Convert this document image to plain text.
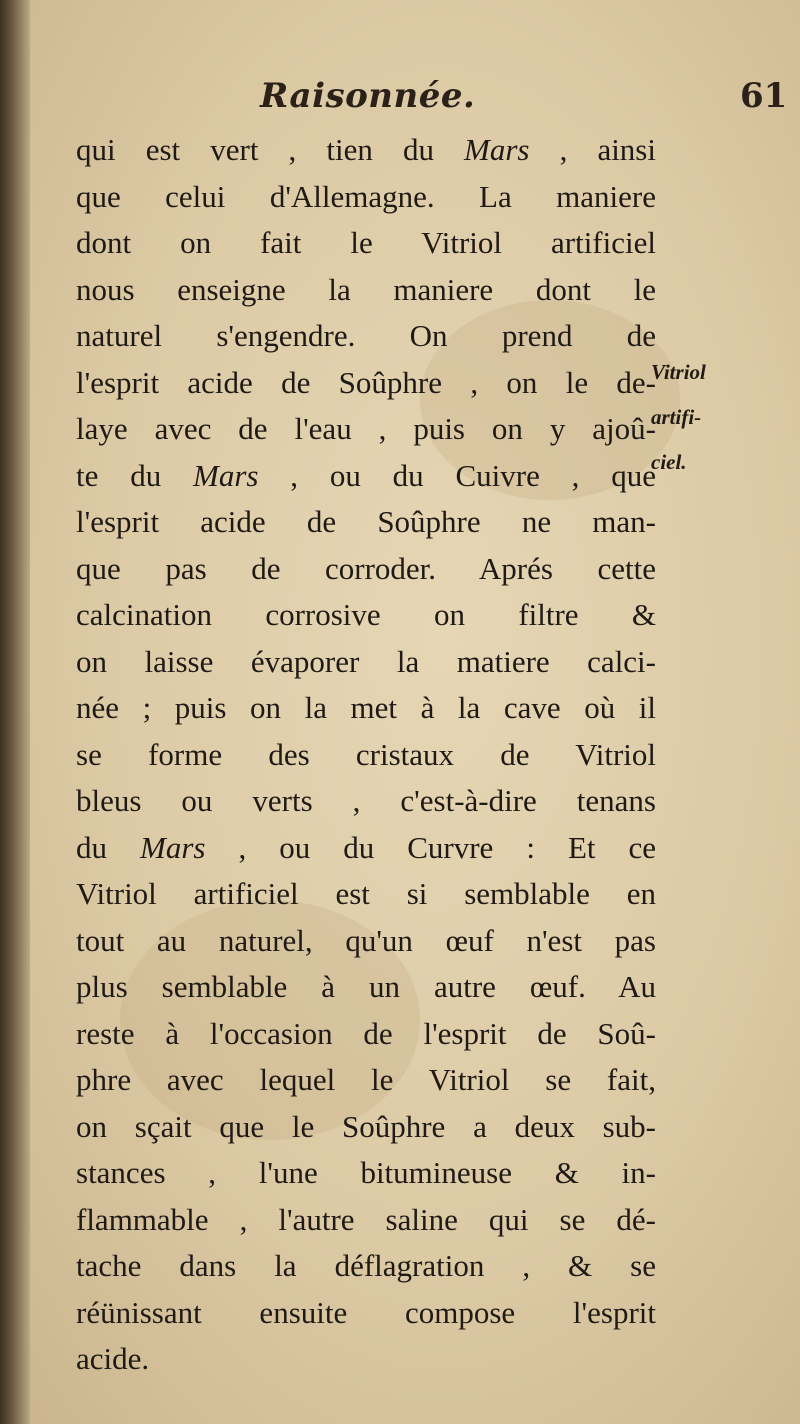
Raisonnée.	61
qui est vert , tien du Mars , ainsi
que celui d'Allemagne. La maniere
dont on fait le Vitriol artificiel
nous enseigne la maniere dont le
naturel s'engendre. On prend de
l'esprit acide de Soûphre , on le de-
laye avec de l'eau , puis on y ajoû-
te du Mars , ou du Cuivre , que
l'esprit acide de Soûphre ne man-
que pas de corroder. Aprés cette
calcination corrosive on filtre &
on laisse évaporer la matiere calci-
née ; puis on la met à la cave où il
se forme des cristaux de Vitriol
bleus ou verts , c'est-à-dire tenans
du Mars , ou du Curvre : Et ce
Vitriol artificiel est si semblable en
tout au naturel, qu'un œuf n'est pas
plus semblable à un autre œuf. Au
reste à l'occasion de l'esprit de Soû-
phre avec lequel le Vitriol se fait,
on sçait que le Soûphre a deux sub-
stances , l'une bitumineuse & in-
flammable , l'autre saline qui se dé-
tache dans la déflagration , & se
réünissant ensuite compose l'esprit
acide.
Vitriol
artifi-
ciel.
